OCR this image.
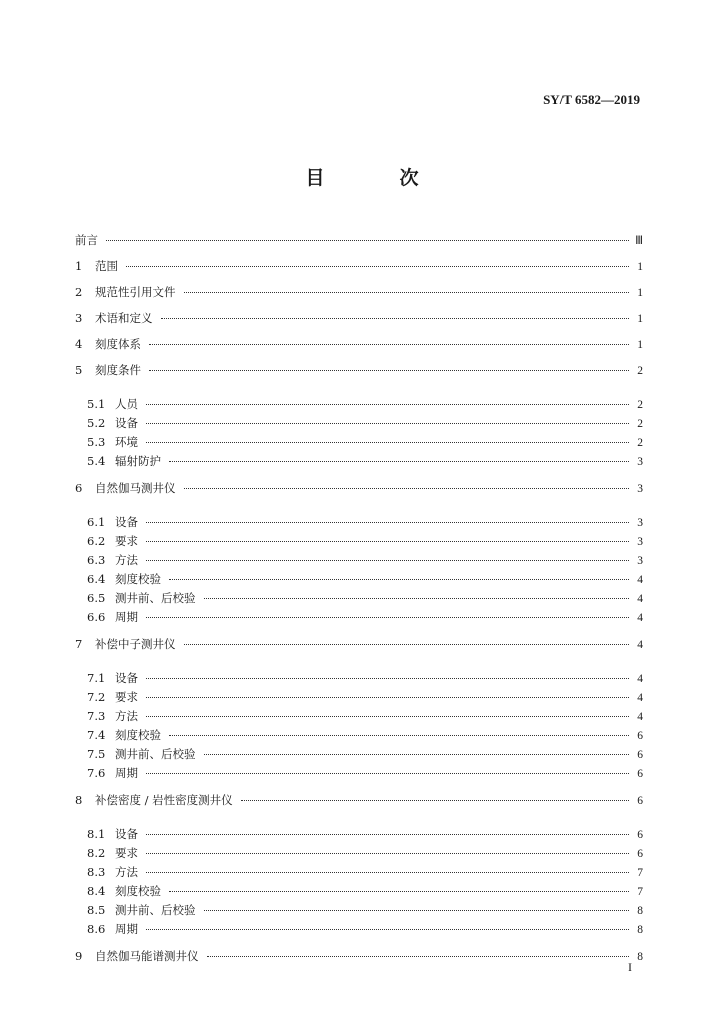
SY/T 6582—2019
目　次
前言	Ⅲ
1	范围	1
2	规范性引用文件	1
3	术语和定义	1
4	刻度体系	1
5	刻度条件	2
5.1 人员	2
5.2 设备	2
5.3 环境	2
5.4 辐射防护	3
6	自然伽马测井仪	3
6.1 设备	3
6.2 要求	3
6.3 方法	3
6.4 刻度校验	4
6.5 测井前、后校验	4
6.6 周期	4
7	补偿中子测井仪	4
7.1 设备	4
7.2 要求	4
7.3 方法	4
7.4 刻度校验	6
7.5 测井前、后校验	6
7.6 周期	6
8	补偿密度 / 岩性密度测井仪	6
8.1 设备	6
8.2 要求	6
8.3 方法	7
8.4 刻度校验	7
8.5 测井前、后校验	8
8.6 周期	8
9	自然伽马能谱测井仪	8
I
